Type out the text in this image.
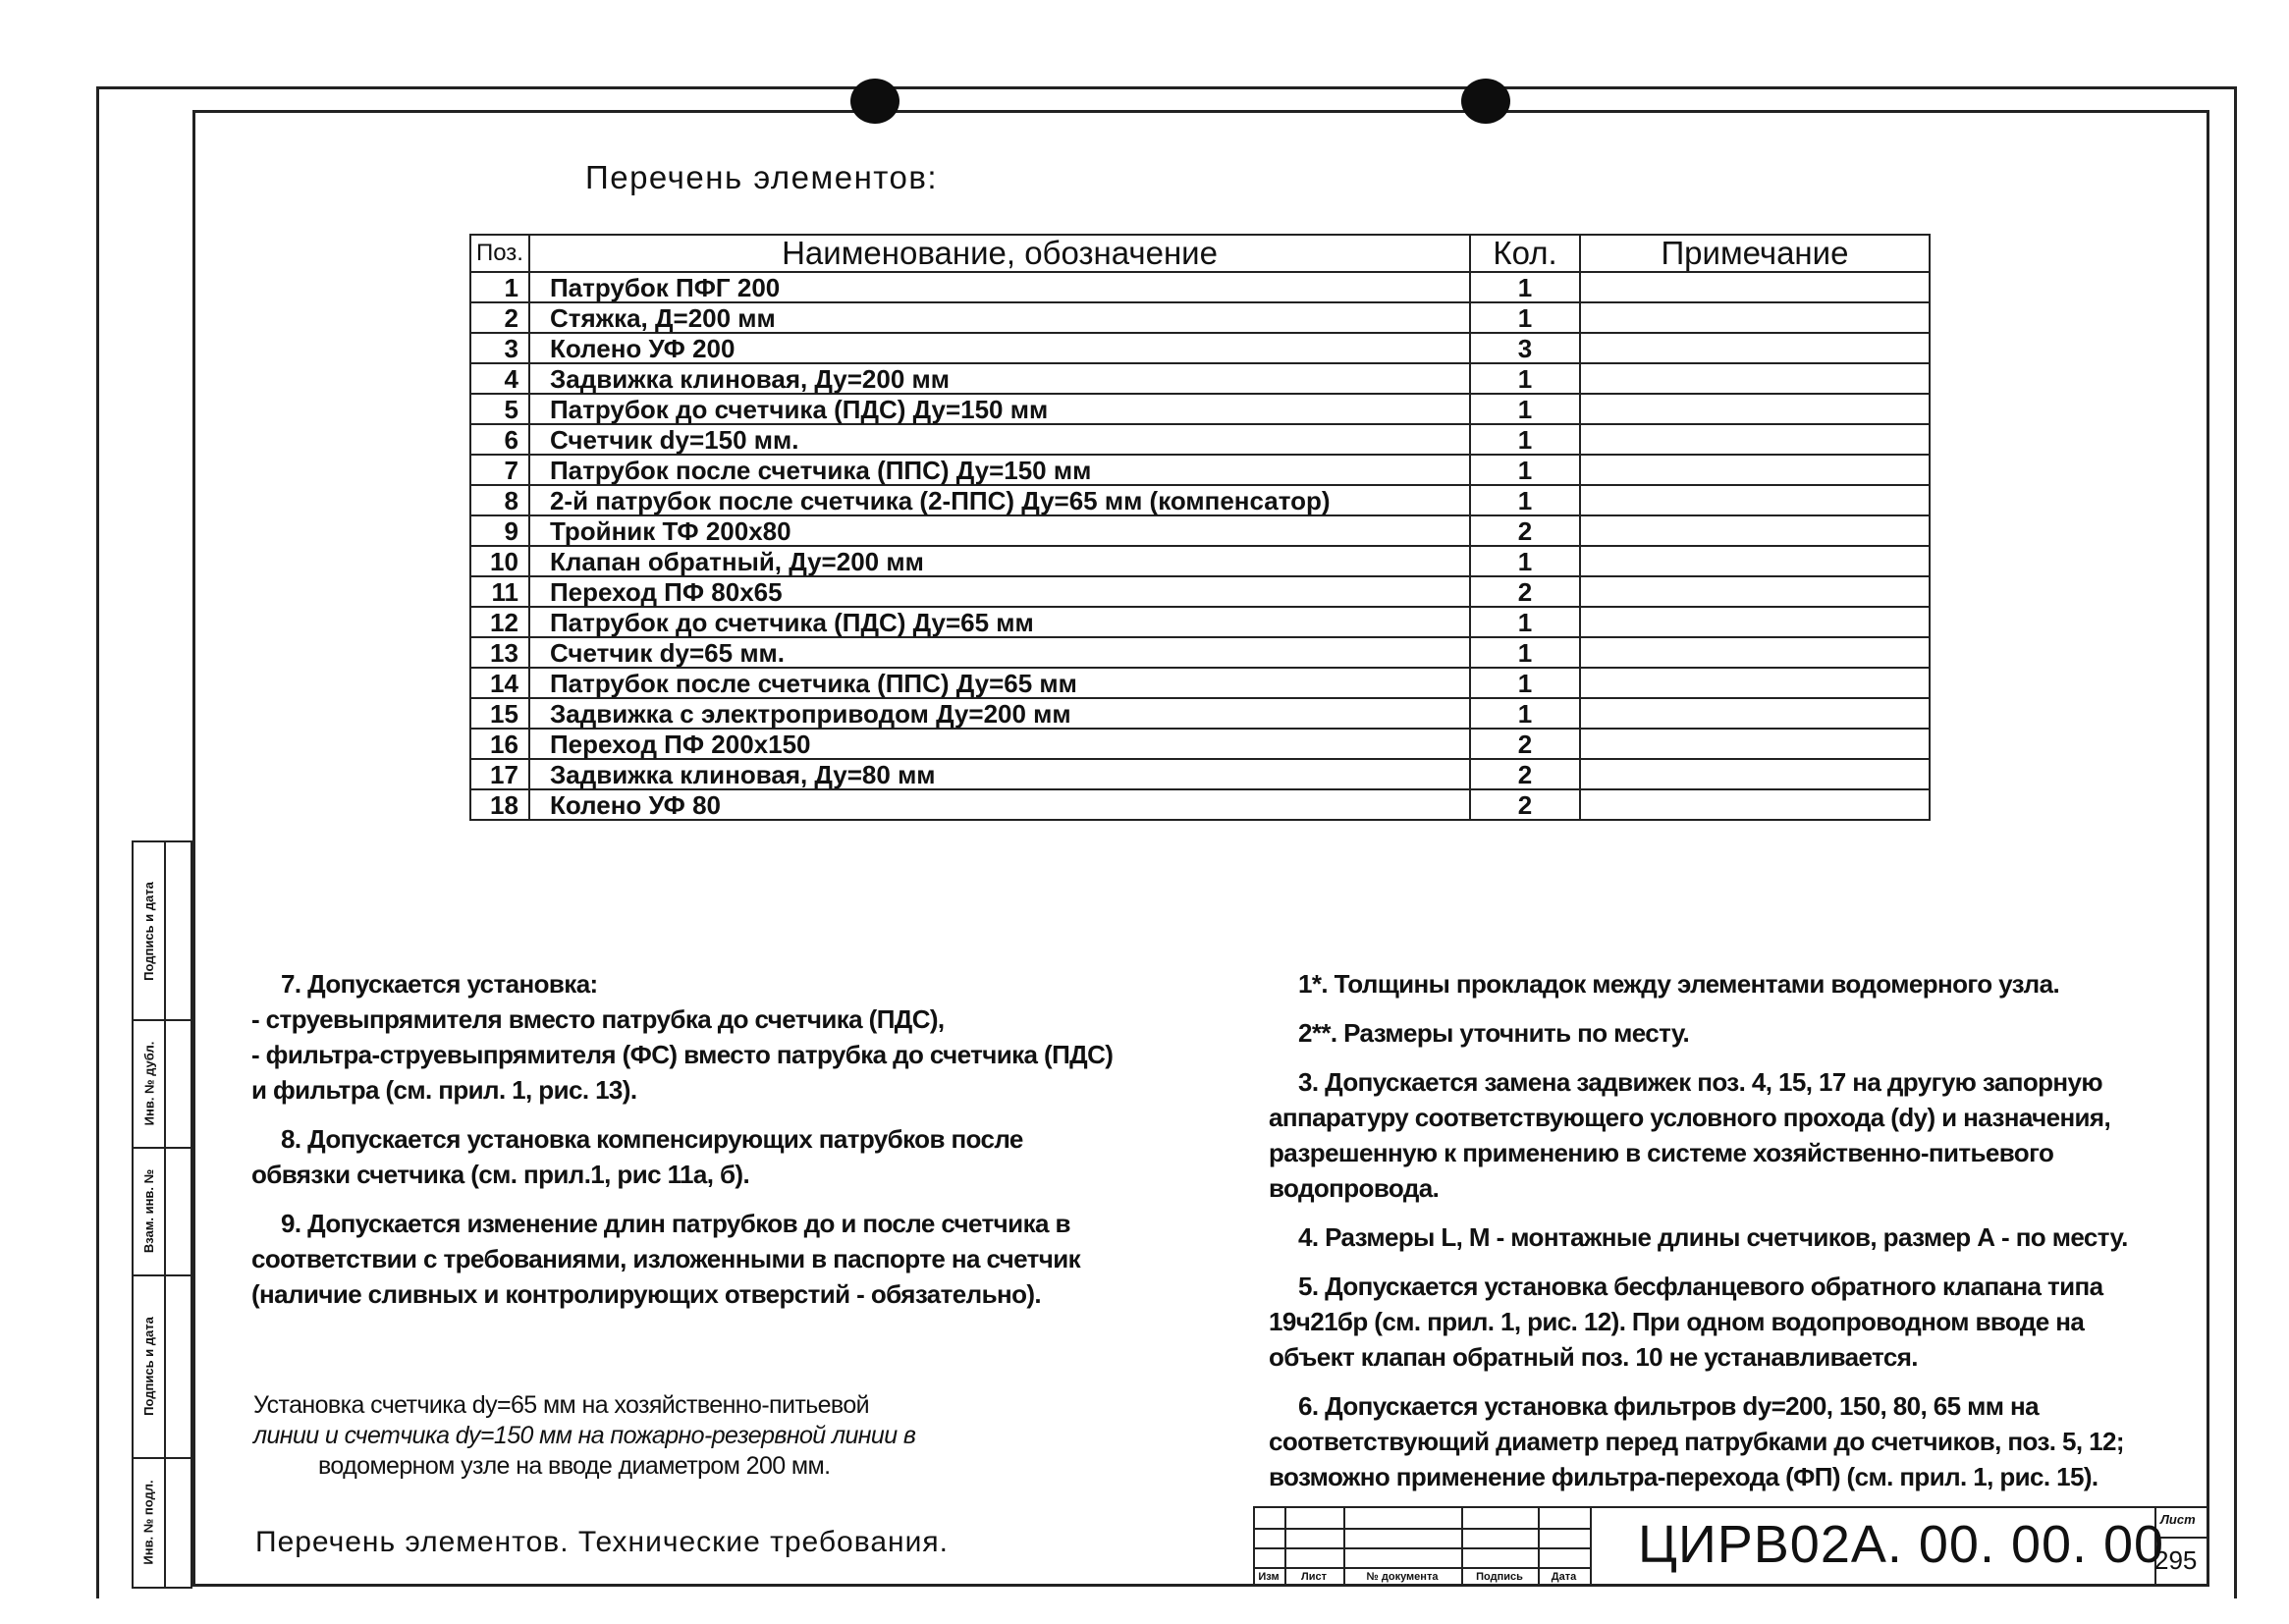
Перечень элементов:
Поз.	Наименование, обозначение	Кол.	Примечание
1	Патрубок ПФГ 200	1	
2	Стяжка, Д=200 мм	1	
3	Колено УФ 200	3	
4	Задвижка клиновая, Ду=200 мм	1	
5	Патрубок до счетчика (ПДС) Ду=150 мм	1	
6	Счетчик dу=150 мм.	1	
7	Патрубок после счетчика (ППС) Ду=150 мм	1	
8	2-й патрубок после счетчика (2-ППС) Ду=65 мм (компенсатор)	1	
9	Тройник ТФ 200х80	2	
10	Клапан обратный, Ду=200 мм	1	
11	Переход ПФ 80х65	2	
12	Патрубок до счетчика (ПДС) Ду=65 мм	1	
13	Счетчик dу=65 мм.	1	
14	Патрубок после счетчика (ППС) Ду=65 мм	1	
15	Задвижка с электроприводом Ду=200 мм	1	
16	Переход ПФ 200х150	2	
17	Задвижка клиновая, Ду=80 мм	2	
18	Колено УФ 80	2	
Подпись и дата
Инв. № дубл.
Взам. инв. №
Подпись и дата
Инв. № подл.

7. Допускается установка:

- струевыпрямителя вместо патрубка до счетчика (ПДС),

- фильтра-струевыпрямителя (ФС) вместо патрубка до счетчика (ПДС)

и фильтра (см. прил. 1, рис. 13).

8. Допускается установка компенсирующих патрубков после

обвязки счетчика (см. прил.1, рис 11а, б).

9. Допускается изменение длин патрубков до и после счетчика в

соответствии с требованиями, изложенными в паспорте на счетчик

(наличие сливных и контролирующих отверстий - обязательно).

1*. Толщины прокладок между элементами водомерного узла.

2**. Размеры уточнить по месту.

3. Допускается замена задвижек поз. 4, 15, 17 на другую запорную

аппаратуру соответствующего условного прохода (dу) и назначения,

разрешенную к применению в системе хозяйственно-питьевого водопровода.

4. Размеры L, M - монтажные длины счетчиков, размер А - по месту.

5. Допускается установка бесфланцевого обратного клапана типа

19ч21бр (см. прил. 1, рис. 12). При одном водопроводном вводе на

объект клапан обратный поз. 10 не устанавливается.

6. Допускается установка фильтров dу=200, 150, 80, 65 мм на

соответствующий диаметр перед патрубками до счетчиков, поз. 5, 12;

возможно применение фильтра-перехода (ФП) (см. прил. 1, рис. 15).

Установка счетчика dу=65 мм на хозяйственно-питьевой
линии и счетчика dу=150 мм на пожарно-резервной линии в
водомерном узле на вводе диаметром 200 мм.
Перечень элементов. Технические требования.
Изм	Лист	№ документа	Подпись	Дата
ЦИРВ02А. 00. 00. 00
Лист
295
